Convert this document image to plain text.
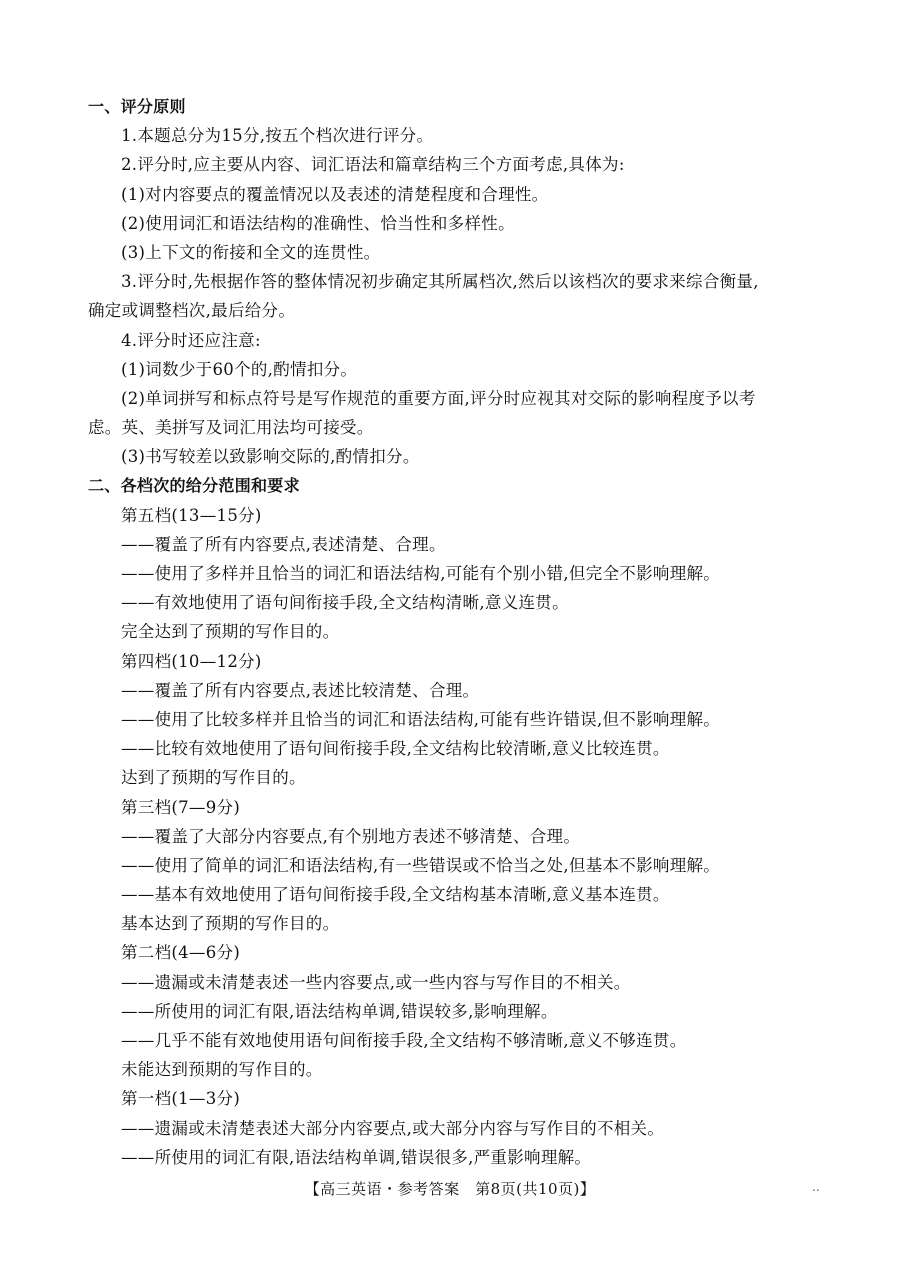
一、评分原则
1.本题总分为15分,按五个档次进行评分。
2.评分时,应主要从内容、词汇语法和篇章结构三个方面考虑,具体为:
(1)对内容要点的覆盖情况以及表述的清楚程度和合理性。
(2)使用词汇和语法结构的准确性、恰当性和多样性。
(3)上下文的衔接和全文的连贯性。
3.评分时,先根据作答的整体情况初步确定其所属档次,然后以该档次的要求来综合衡量,
确定或调整档次,最后给分。
4.评分时还应注意:
(1)词数少于60个的,酌情扣分。
(2)单词拼写和标点符号是写作规范的重要方面,评分时应视其对交际的影响程度予以考
虑。英、美拼写及词汇用法均可接受。
(3)书写较差以致影响交际的,酌情扣分。
二、各档次的给分范围和要求
第五档(13—15分)
——覆盖了所有内容要点,表述清楚、合理。
——使用了多样并且恰当的词汇和语法结构,可能有个别小错,但完全不影响理解。
——有效地使用了语句间衔接手段,全文结构清晰,意义连贯。
完全达到了预期的写作目的。
第四档(10—12分)
——覆盖了所有内容要点,表述比较清楚、合理。
——使用了比较多样并且恰当的词汇和语法结构,可能有些许错误,但不影响理解。
——比较有效地使用了语句间衔接手段,全文结构比较清晰,意义比较连贯。
达到了预期的写作目的。
第三档(7—9分)
——覆盖了大部分内容要点,有个别地方表述不够清楚、合理。
——使用了简单的词汇和语法结构,有一些错误或不恰当之处,但基本不影响理解。
——基本有效地使用了语句间衔接手段,全文结构基本清晰,意义基本连贯。
基本达到了预期的写作目的。
第二档(4—6分)
——遗漏或未清楚表述一些内容要点,或一些内容与写作目的不相关。
——所使用的词汇有限,语法结构单调,错误较多,影响理解。
——几乎不能有效地使用语句间衔接手段,全文结构不够清晰,意义不够连贯。
未能达到预期的写作目的。
第一档(1—3分)
——遗漏或未清楚表述大部分内容要点,或大部分内容与写作目的不相关。
——所使用的词汇有限,语法结构单调,错误很多,严重影响理解。
【高三英语・参考答案　第8页(共10页)】	..
